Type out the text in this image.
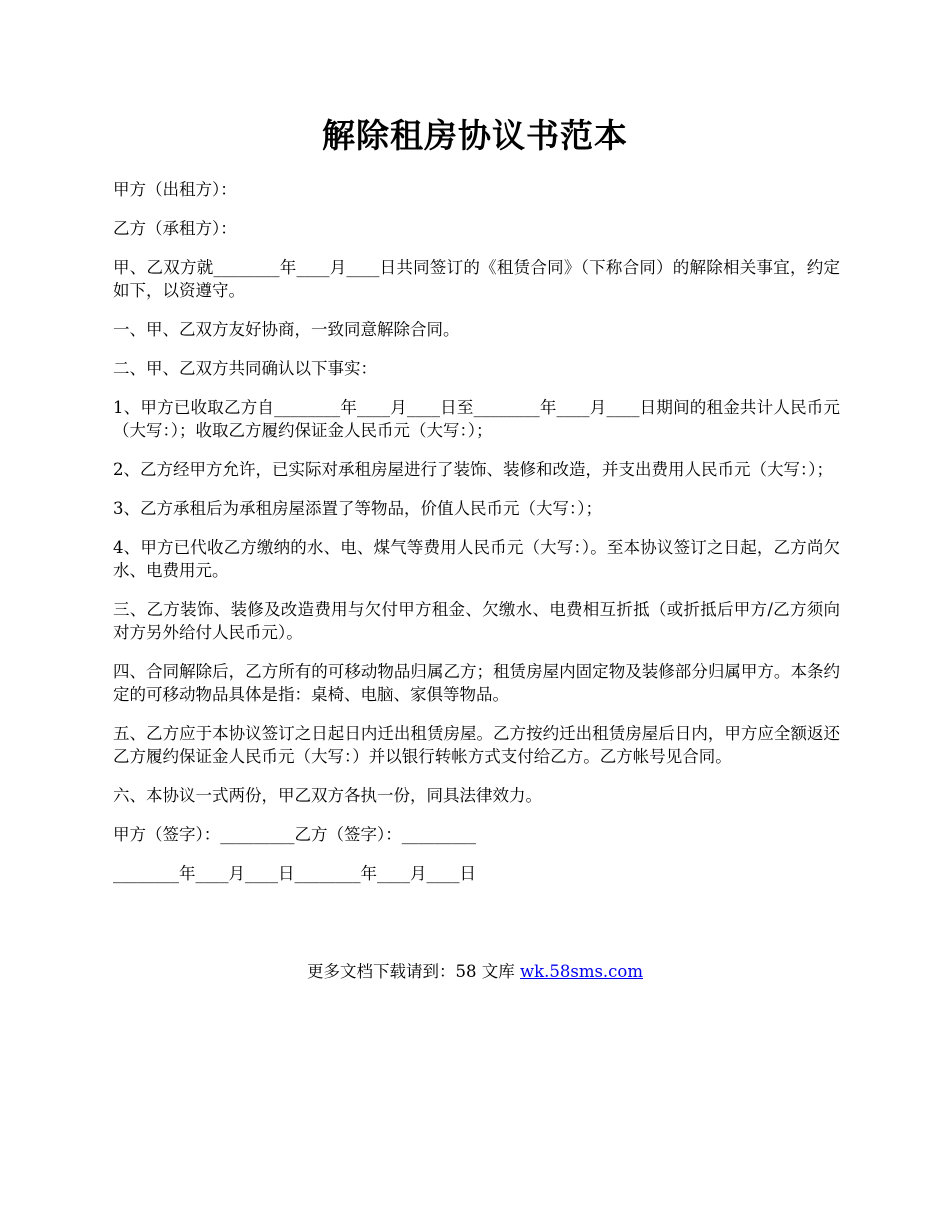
解除租房协议书范本

甲方（出租方）：

乙方（承租方）：

甲、乙双方就________年____月____日共同签订的《租赁合同》（下称合同）的解除相关事宜，约定如下，以资遵守。

一、甲、乙双方友好协商，一致同意解除合同。

二、甲、乙双方共同确认以下事实：

1、甲方已收取乙方自________年____月____日至________年____月____日期间的租金共计人民币元（大写：）；收取乙方履约保证金人民币元（大写：）；

2、乙方经甲方允许，已实际对承租房屋进行了装饰、装修和改造，并支出费用人民币元（大写：）；

3、乙方承租后为承租房屋添置了等物品，价值人民币元（大写：）；

4、甲方已代收乙方缴纳的水、电、煤气等费用人民币元（大写：）。至本协议签订之日起，乙方尚欠水、电费用元。

三、乙方装饰、装修及改造费用与欠付甲方租金、欠缴水、电费相互折抵（或折抵后甲方/乙方须向对方另外给付人民币元）。

四、合同解除后，乙方所有的可移动物品归属乙方；租赁房屋内固定物及装修部分归属甲方。本条约定的可移动物品具体是指：桌椅、电脑、家俱等物品。

五、乙方应于本协议签订之日起日内迁出租赁房屋。乙方按约迁出租赁房屋后日内，甲方应全额返还乙方履约保证金人民币元（大写：）并以银行转帐方式支付给乙方。乙方帐号见合同。

六、本协议一式两份，甲乙双方各执一份，同具法律效力。

甲方（签字）：_________乙方（签字）：_________

________年____月____日________年____月____日

更多文档下载请到：58 文库 wk.58sms.com
